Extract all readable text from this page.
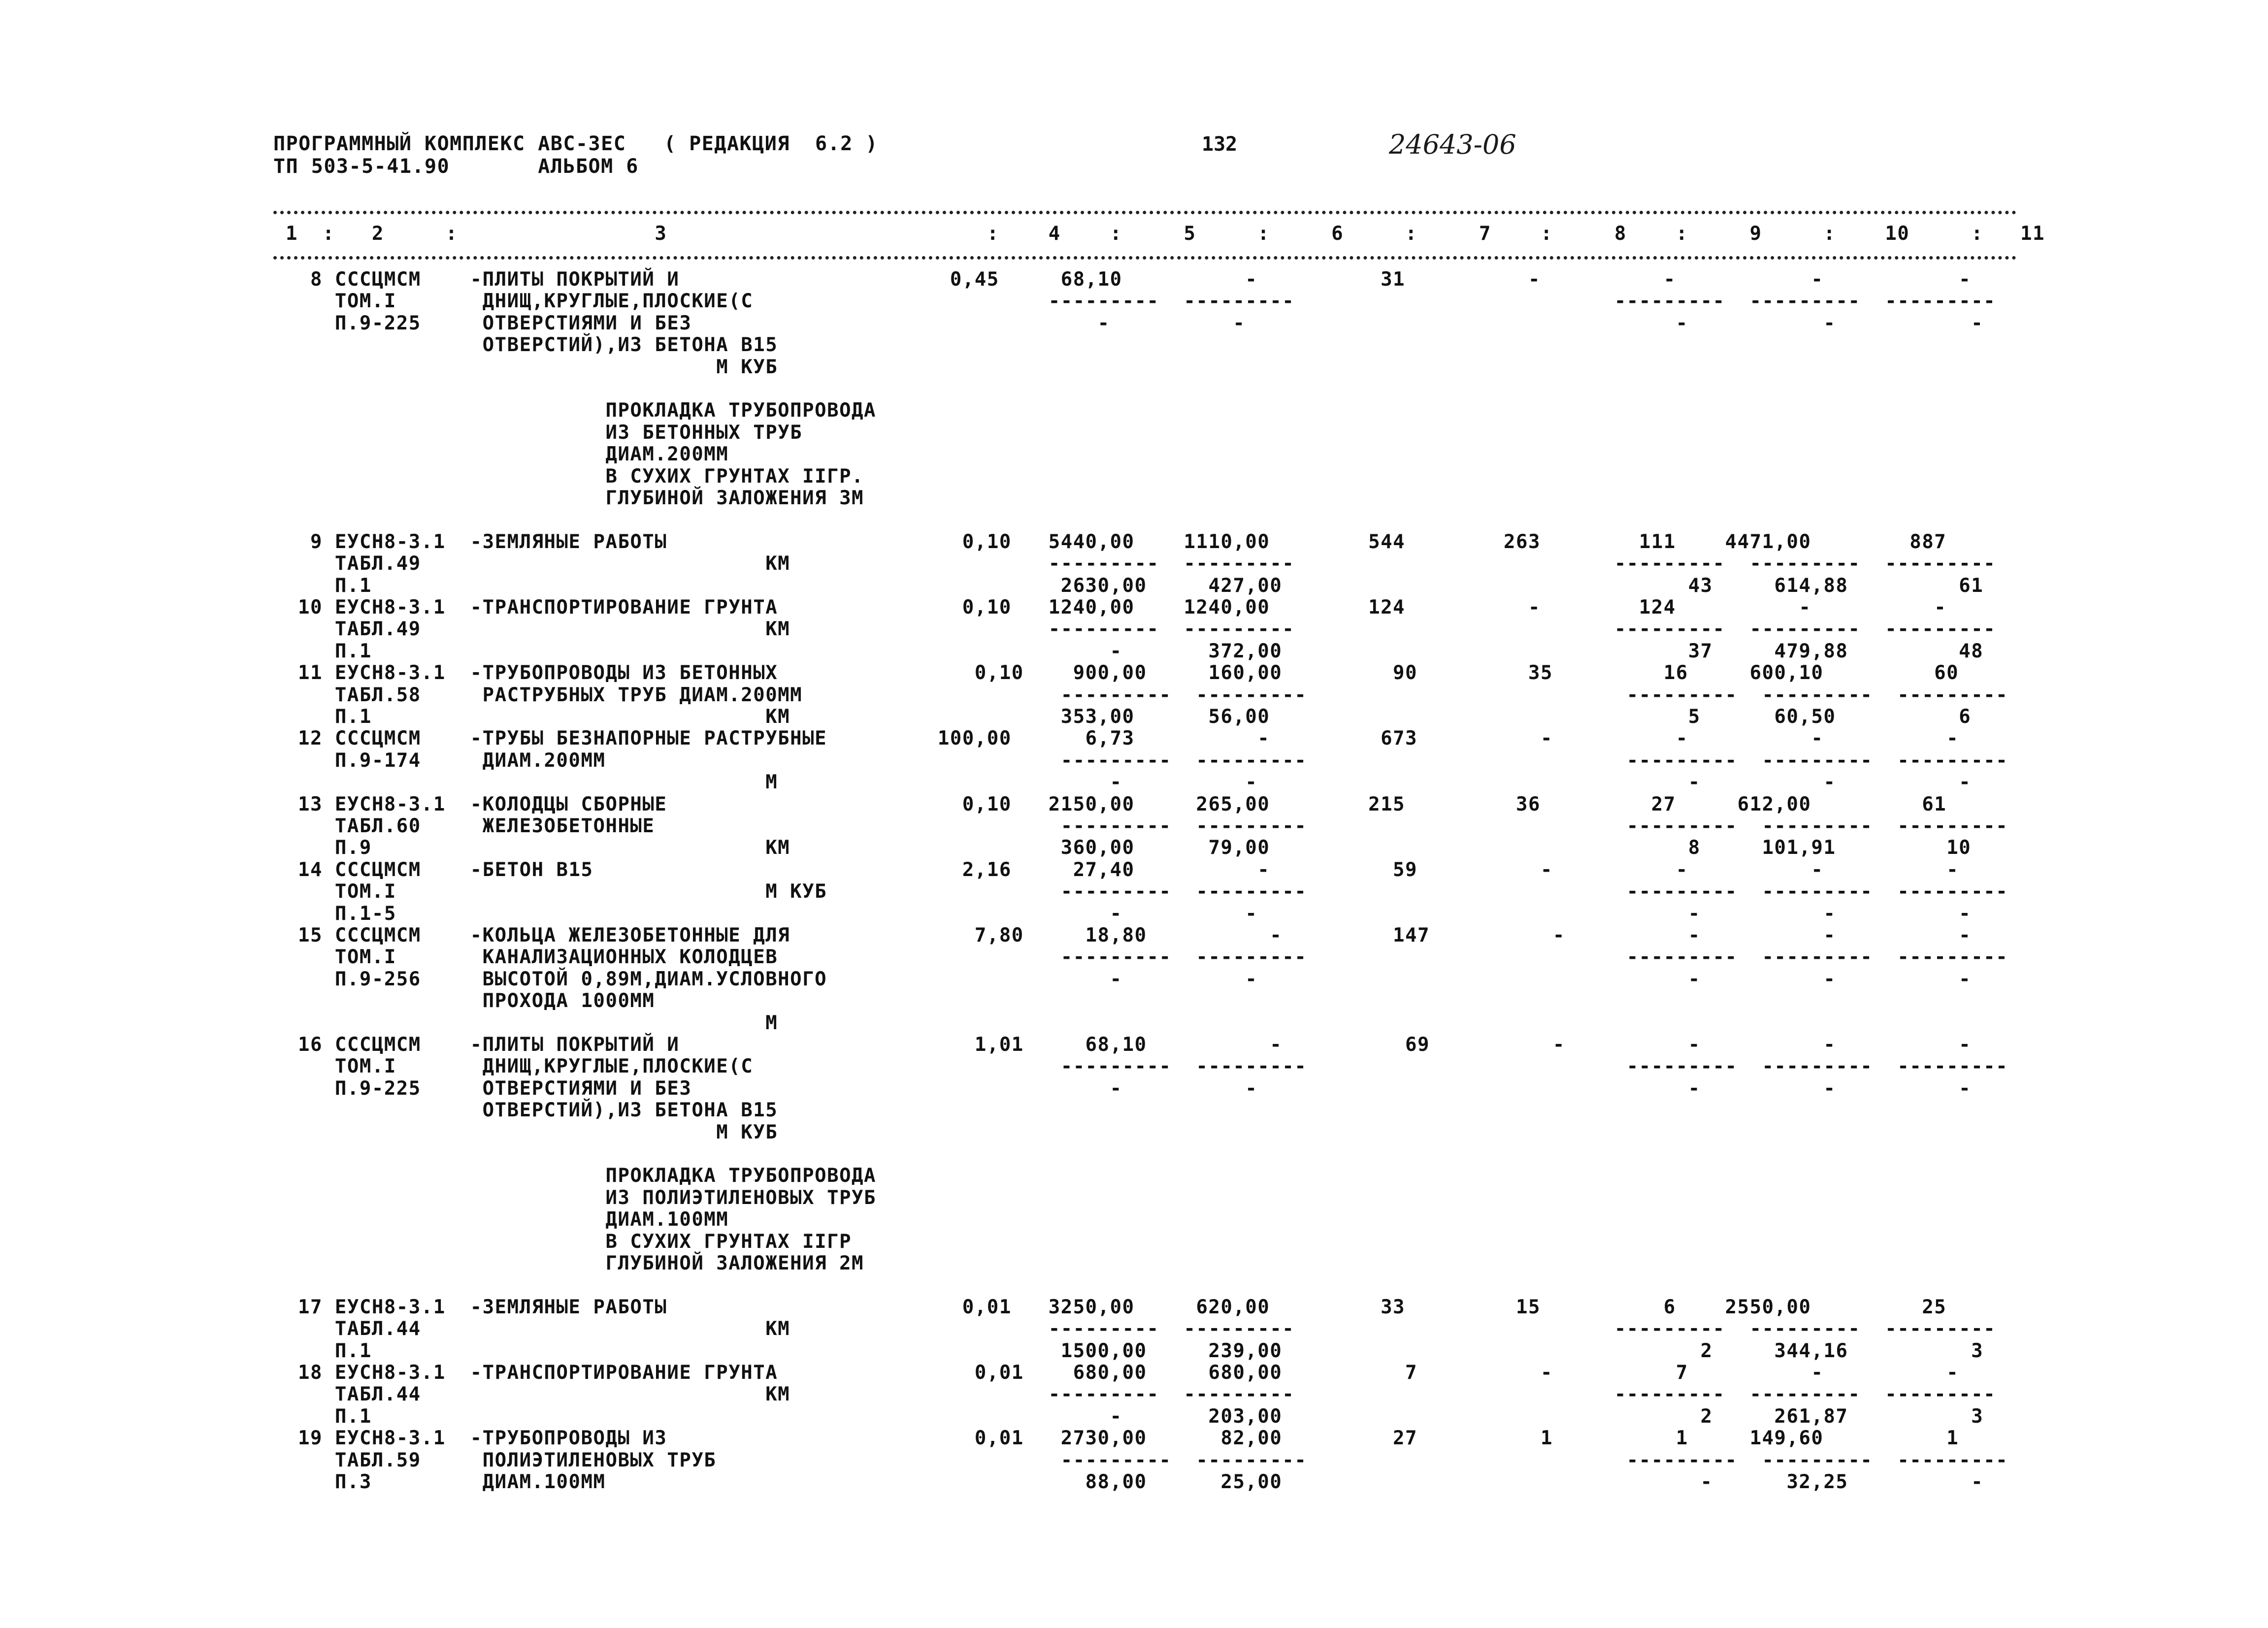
ПРОГРАММНЫЙ КОМПЛЕКС АВС-ЗЕС   ( РЕДАКЦИЯ  6.2 )
ТП 503-5-41.90       АЛЬБОМ 6
132	24643-06
1  :   2     :                3                          :    4    :     5     :     6     :     7    :     8    :     9     :    10     :   11
8 СССЦМСМ    -ПЛИТЫ ПОКРЫТИЙ И                      0,45     68,10          -          31          -          -           -           -
ТОМ.I       ДНИЩ,КРУГЛЫЕ,ПЛОСКИЕ(С                        ---------  ---------                          ---------  ---------  ---------
П.9-225     ОТВЕРСТИЯМИ И БЕЗ                                 -          -                                   -           -           -
ОТВЕРСТИЙ),ИЗ БЕТОНА В15
М КУБ
ПРОКЛАДКА ТРУБОПРОВОДА
ИЗ БЕТОННЫХ ТРУБ
ДИАМ.200ММ
В СУХИХ ГРУНТАХ IIГР.
ГЛУБИНОЙ ЗАЛОЖЕНИЯ 3М
9 ЕУСН8-3.1  -ЗЕМЛЯНЫЕ РАБОТЫ                        0,10   5440,00    1110,00        544        263        111    4471,00        887
ТАБЛ.49                            КМ                     ---------  ---------                          ---------  ---------  ---------
П.1                                                        2630,00     427,00                                 43     614,88         61
10 ЕУСН8-3.1  -ТРАНСПОРТИРОВАНИЕ ГРУНТА               0,10   1240,00    1240,00        124          -        124          -          -
ТАБЛ.49                            КМ                     ---------  ---------                          ---------  ---------  ---------
П.1                                                            -       372,00                                 37     479,88         48
11 ЕУСН8-3.1  -ТРУБОПРОВОДЫ ИЗ БЕТОННЫХ                0,10    900,00     160,00         90         35         16     600,10         60
ТАБЛ.58     РАСТРУБНЫХ ТРУБ ДИАМ.200ММ                     ---------  ---------                          ---------  ---------  ---------
П.1                                KМ                      353,00      56,00                                  5      60,50          6
12 СССЦМСМ    -ТРУБЫ БЕЗНАПОРНЫЕ РАСТРУБНЫЕ         100,00      6,73          -         673          -          -          -          -
П.9-174     ДИАМ.200ММ                                     ---------  ---------                          ---------  ---------  ---------
М                           -          -                                   -          -          -
13 ЕУСН8-3.1  -КОЛОДЦЫ СБОРНЫЕ                        0,10   2150,00     265,00        215         36         27     612,00         61
ТАБЛ.60     ЖЕЛЕЗОБЕТОННЫЕ                                 ---------  ---------                          ---------  ---------  ---------
П.9                                КМ                      360,00      79,00                                  8     101,91         10
14 СССЦМСМ    -БЕТОН В15                              2,16     27,40          -          59          -          -          -          -
ТОМ.I                              М КУБ                   ---------  ---------                          ---------  ---------  ---------
П.1-5                                                          -          -                                   -          -          -
15 СССЦМСМ    -КОЛЬЦА ЖЕЛЕЗОБЕТОННЫЕ ДЛЯ               7,80     18,80          -         147          -          -          -          -
ТОМ.I       КАНАЛИЗАЦИОННЫХ КОЛОДЦЕВ                       ---------  ---------                          ---------  ---------  ---------
П.9-256     ВЫСОТОЙ 0,89М,ДИАМ.УСЛОВНОГО                       -          -                                   -          -          -
ПРОХОДА 1000ММ
М
16 СССЦМСМ    -ПЛИТЫ ПОКРЫТИЙ И                        1,01     68,10          -          69          -          -          -          -
ТОМ.I       ДНИЩ,КРУГЛЫЕ,ПЛОСКИЕ(С                         ---------  ---------                          ---------  ---------  ---------
П.9-225     ОТВЕРСТИЯМИ И БЕЗ                                  -          -                                   -          -          -
ОТВЕРСТИЙ),ИЗ БЕТОНА В15
М КУБ
ПРОКЛАДКА ТРУБОПРОВОДА
ИЗ ПОЛИЭТИЛЕНОВЫХ ТРУБ
ДИАМ.100ММ
В СУХИХ ГРУНТАХ IIГР
ГЛУБИНОЙ ЗАЛОЖЕНИЯ 2М
17 ЕУСН8-3.1  -ЗЕМЛЯНЫЕ РАБОТЫ                        0,01   3250,00     620,00         33         15          6    2550,00         25
ТАБЛ.44                            КМ                     ---------  ---------                          ---------  ---------  ---------
П.1                                                        1500,00     239,00                                  2     344,16          3
18 ЕУСН8-3.1  -ТРАНСПОРТИРОВАНИЕ ГРУНТА                0,01    680,00     680,00          7          -          7          -          -
ТАБЛ.44                            КМ                     ---------  ---------                          ---------  ---------  ---------
П.1                                                            -       203,00                                  2     261,87          3
19 ЕУСН8-3.1  -ТРУБОПРОВОДЫ ИЗ                         0,01   2730,00      82,00         27          1          1     149,60          1
ТАБЛ.59     ПОЛИЭТИЛЕНОВЫХ ТРУБ                            ---------  ---------                          ---------  ---------  ---------
П.3         ДИАМ.100ММ                                       88,00      25,00                                  -      32,25          -
